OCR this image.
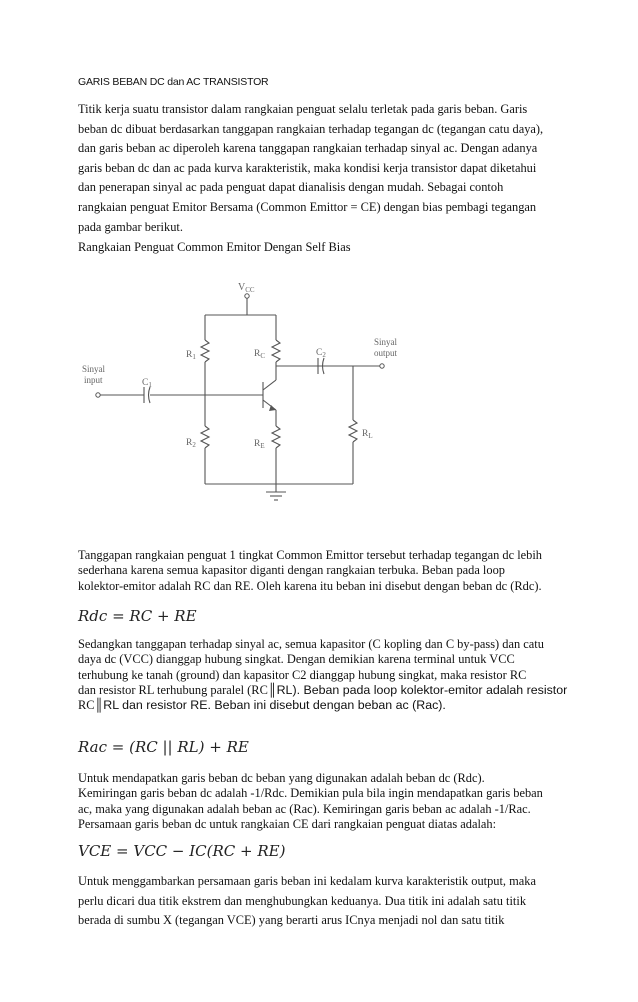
GARIS BEBAN DC dan AC TRANSISTOR
Titik kerja suatu transistor dalam rangkaian penguat selalu terletak pada garis beban. Garis
beban dc dibuat berdasarkan tanggapan rangkaian terhadap tegangan dc (tegangan catu daya),
dan garis beban ac diperoleh karena tanggapan rangkaian terhadap sinyal ac. Dengan adanya
garis beban dc dan ac pada kurva karakteristik, maka kondisi kerja transistor dapat diketahui
dan penerapan sinyal ac pada penguat dapat dianalisis dengan mudah. Sebagai contoh
rangkaian penguat Emitor Bersama (Common Emittor = CE) dengan bias pembagi tegangan
pada gambar berikut.
Rangkaian Penguat Common Emitor Dengan Self Bias
$V_{CC}$
$R_1$
$R_2$
$R_C$
$R_E$
$R_L$
$C_1$
$C_2$
Sinyal
input
Sinyal
output
Tanggapan rangkaian penguat 1 tingkat Common Emittor tersebut terhadap tegangan dc lebih
sederhana karena semua kapasitor diganti dengan rangkaian terbuka. Beban pada loop
kolektor-emitor adalah RC dan RE. Oleh karena itu beban ini disebut dengan beban dc (Rdc).
Rdc = RC + RE
Sedangkan tanggapan terhadap sinyal ac, semua kapasitor (C kopling dan C by-pass) dan catu
daya dc (VCC) dianggap hubung singkat. Dengan demikian karena terminal untuk VCC
terhubung ke tanah (ground) dan kapasitor C2 dianggap hubung singkat, maka resistor RC
dan resistor RL terhubung paralel (RC║RL). Beban pada loop kolektor-emitor adalah resistor
RC║RL dan resistor RE. Beban ini disebut dengan beban ac (Rac).
Rac = (RC || RL) + RE
Untuk mendapatkan garis beban dc beban yang digunakan adalah beban dc (Rdc).
Kemiringan garis beban dc adalah -1/Rdc. Demikian pula bila ingin mendapatkan garis beban
ac, maka yang digunakan adalah beban ac (Rac). Kemiringan garis beban ac adalah -1/Rac.
Persamaan garis beban dc untuk rangkaian CE dari rangkaian penguat diatas adalah:
VCE = VCC − IC(RC + RE)
Untuk menggambarkan persamaan garis beban ini kedalam kurva karakteristik output, maka
perlu dicari dua titik ekstrem dan menghubungkan keduanya. Dua titik ini adalah satu titik
berada di sumbu X (tegangan VCE) yang berarti arus ICnya menjadi nol dan satu titik
